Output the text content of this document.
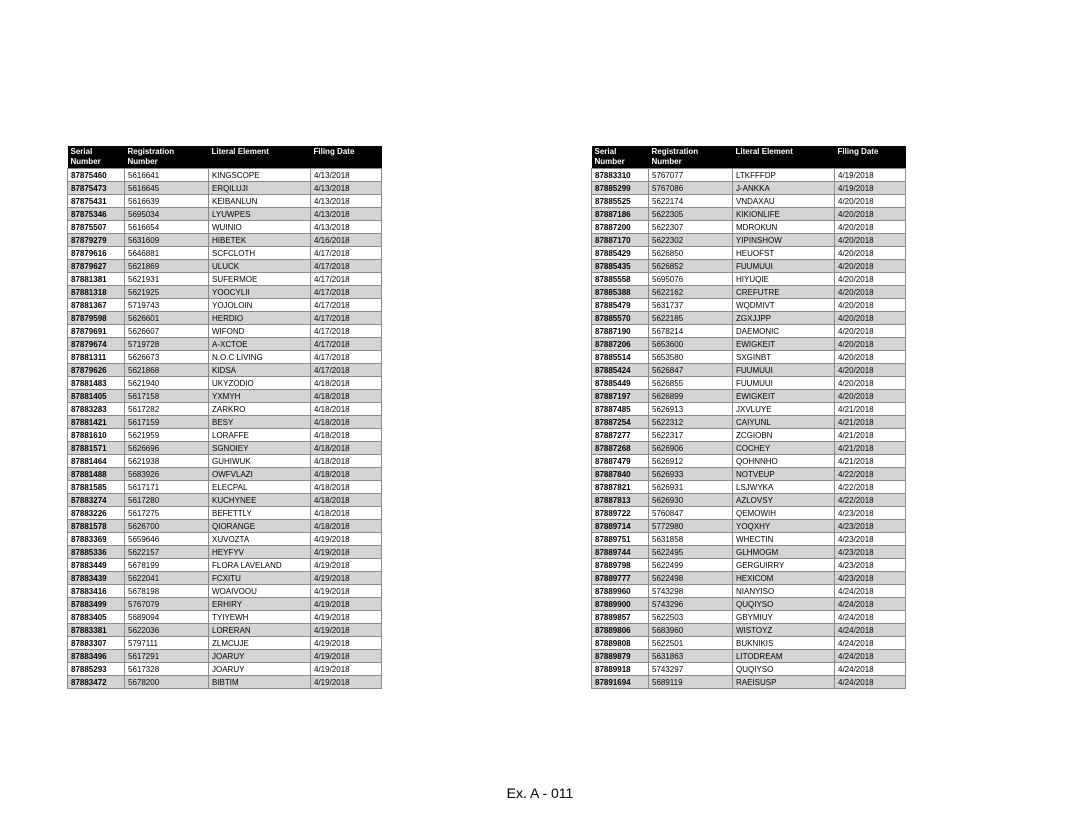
Serial Number	Registration Number	Literal Element	Filing Date
87875460	5616641	KINGSCOPE	4/13/2018
87875473	5616645	ERQILUJI	4/13/2018
87875431	5616639	KEIBANLUN	4/13/2018
87875346	5695034	LYUWPES	4/13/2018
87875507	5616654	WUINIO	4/13/2018
87879279	5631609	HIBETEK	4/16/2018
87879616	5646881	SCFCLOTH	4/17/2018
87879627	5621869	ULUCK	4/17/2018
87881381	5621931	SUFERMOE	4/17/2018
87881318	5621925	YOOCYLII	4/17/2018
87881367	5719743	YOJOLOIN	4/17/2018
87879598	5626601	HERDIO	4/17/2018
87879691	5626607	WIFOND	4/17/2018
87879674	5719728	A-XCTOE	4/17/2018
87881311	5626673	N.O.C LIVING	4/17/2018
87879626	5621868	KIDSA	4/17/2018
87881483	5621940	UKYZODIO	4/18/2018
87881405	5617158	YXMYH	4/18/2018
87883283	5617282	ZARKRO	4/18/2018
87881421	5617159	BESY	4/18/2018
87881610	5621959	LORAFFE	4/18/2018
87881571	5626696	SGNOIEY	4/18/2018
87881464	5621938	GUHIWUK	4/18/2018
87881488	5683926	OWFVLAZI	4/18/2018
87881585	5617171	ELECPAL	4/18/2018
87883274	5617280	KUCHYNEE	4/18/2018
87883226	5617275	BEFETTLY	4/18/2018
87881578	5626700	QIORANGE	4/18/2018
87883369	5659646	XUVOZTA	4/19/2018
87885336	5622157	HEYFYV	4/19/2018
87883449	5678199	FLORA LAVELAND	4/19/2018
87883439	5622041	FCXITU	4/19/2018
87883416	5678198	WOAIVOOU	4/19/2018
87883499	5767079	ERHIRY	4/19/2018
87883405	5689094	TYIYEWH	4/19/2018
87883381	5622036	LORERAN	4/19/2018
87883307	5797111	ZLMCUJE	4/19/2018
87883496	5617291	JOARUY	4/19/2018
87885293	5617328	JOARUY	4/19/2018
87883472	5678200	BIBTIM	4/19/2018
Serial Number	Registration Number	Literal Element	Filing Date
87883310	5767077	LTKFFFDP	4/19/2018
87885299	5767086	J-ANKKA	4/19/2018
87885525	5622174	VNDAXAU	4/20/2018
87887186	5622305	KIKIONLIFE	4/20/2018
87887200	5622307	MDROKUN	4/20/2018
87887170	5622302	YIPINSHOW	4/20/2018
87885429	5626850	HEUOFST	4/20/2018
87885435	5626852	FUUMUUI	4/20/2018
87885558	5695076	HIYUQIE	4/20/2018
87885388	5622162	CREFUTRE	4/20/2018
87885479	5631737	WQDMIVT	4/20/2018
87885570	5622185	ZGXJJPP	4/20/2018
87887190	5678214	DAEMONIC	4/20/2018
87887206	5653600	EWIGKEIT	4/20/2018
87885514	5653580	SXGINBT	4/20/2018
87885424	5626847	FUUMUUI	4/20/2018
87885449	5626855	FUUMUUI	4/20/2018
87887197	5626899	EWIGKEIT	4/20/2018
87887485	5626913	JXVLUYE	4/21/2018
87887254	5622312	CAIYUNL	4/21/2018
87887277	5622317	ZCGIOBN	4/21/2018
87887268	5626906	COCHEY	4/21/2018
87887479	5626912	QOHNNHO	4/21/2018
87887840	5626933	NOTVEUP	4/22/2018
87887821	5626931	LSJWYKA	4/22/2018
87887813	5626930	AZLOVSY	4/22/2018
87889722	5760847	QEMOWIH	4/23/2018
87889714	5772980	YOQXHY	4/23/2018
87889751	5631858	WHECTIN	4/23/2018
87889744	5622495	GLHMOGM	4/23/2018
87889798	5622499	GERGUIRRY	4/23/2018
87889777	5622498	HEXICOM	4/23/2018
87889960	5743298	NIANYISO	4/24/2018
87889900	5743296	QUQIYSO	4/24/2018
87889857	5622503	GBYMIUY	4/24/2018
87889806	5683960	WISTOYZ	4/24/2018
87889808	5622501	BUKNIKIS	4/24/2018
87889879	5631863	LITODREAM	4/24/2018
87889918	5743297	QUQIYSO	4/24/2018
87891694	5689119	RAEISUSP	4/24/2018
Ex. A - 011
